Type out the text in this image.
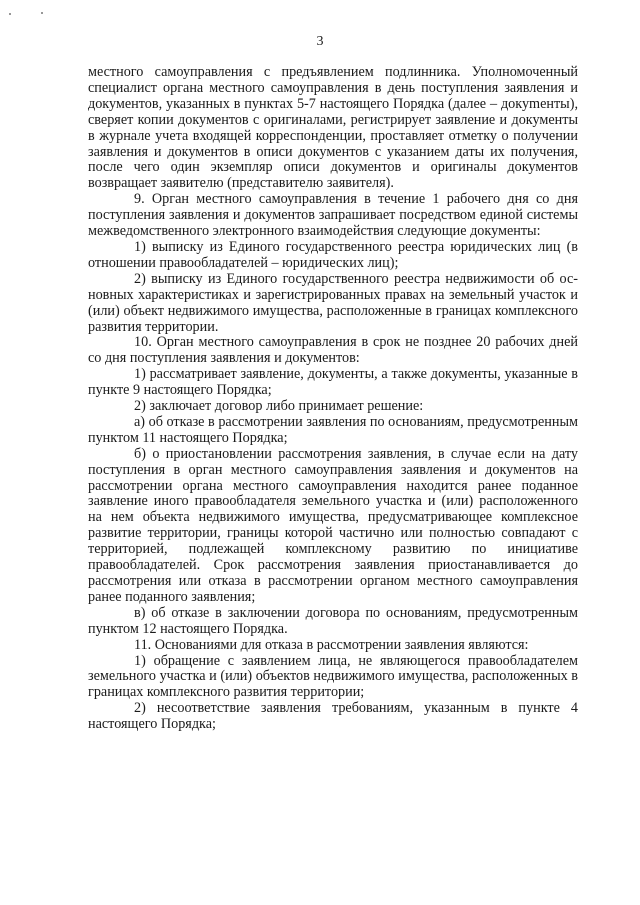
3

местного самоуправления с предъявлением подлинника. Уполномоченный специалист органа местного самоуправления в день поступления заявления и документов, указанных в пунктах 5-7 настоящего Порядка (далее – докуmенты), сверяет копии документов с оригиналами, регистрирует заявление и документы в журнале учета входящей корреспонденции, проставляет отметку о получении заявления и документов в описи документов с указанием даты их получения, после чего один экземпляр описи документов и оригиналы документов возвращает заявителю (представителю заявителя).

9. Орган местного самоуправления в течение 1 рабочего дня со дня поступления заявления и документов запрашивает посредством единой системы межведомственного электронного взаимодействия следующие документы:

1) выписку из Единого государственного реестра юридических лиц (в отношении правообладателей – юридических лиц);

2) выписку из Единого государственного реестра недвижимости об основных характеристиках и зарегистрированных правах на земельный участок и (или) объект недвижимого имущества, расположенные в границах комплексного развития территории.

10. Орган местного самоуправления в срок не позднее 20 рабочих дней со дня поступления заявления и документов:

1) рассматривает заявление, документы, а также документы, указанные в пункте 9 настоящего Порядка;

2) заключает договор либо принимает решение:

а) об отказе в рассмотрении заявления по основаниям, предусмотренным пунктом 11 настоящего Порядка;

б) о приостановлении рассмотрения заявления, в случае если на дату поступления в орган местного самоуправления заявления и документов на рассмотрении органа местного самоуправления находится ранее поданное заявление иного правообладателя земельного участка и (или) расположенного на нем объекта недвижимого имущества, предусматривающее комплексное развитие территории, границы которой частично или полностью совпадают с территорией, подлежащей комплексному развитию по инициативе правообладателей. Срок рассмотрения заявления приостанавливается до рассмотрения или отказа в рассмотрении органом местного самоуправления ранее поданного заявления;

в) об отказе в заключении договора по основаниям, предусмотренным пунктом 12 настоящего Порядка.

11. Основаниями для отказа в рассмотрении заявления являются:

1) обращение с заявлением лица, не являющегося правообладателем земельного участка и (или) объектов недвижимого имущества, расположенных в границах комплексного развития территории;

2) несоответствие заявления требованиям, указанным в пункте 4 настоящего Порядка;
